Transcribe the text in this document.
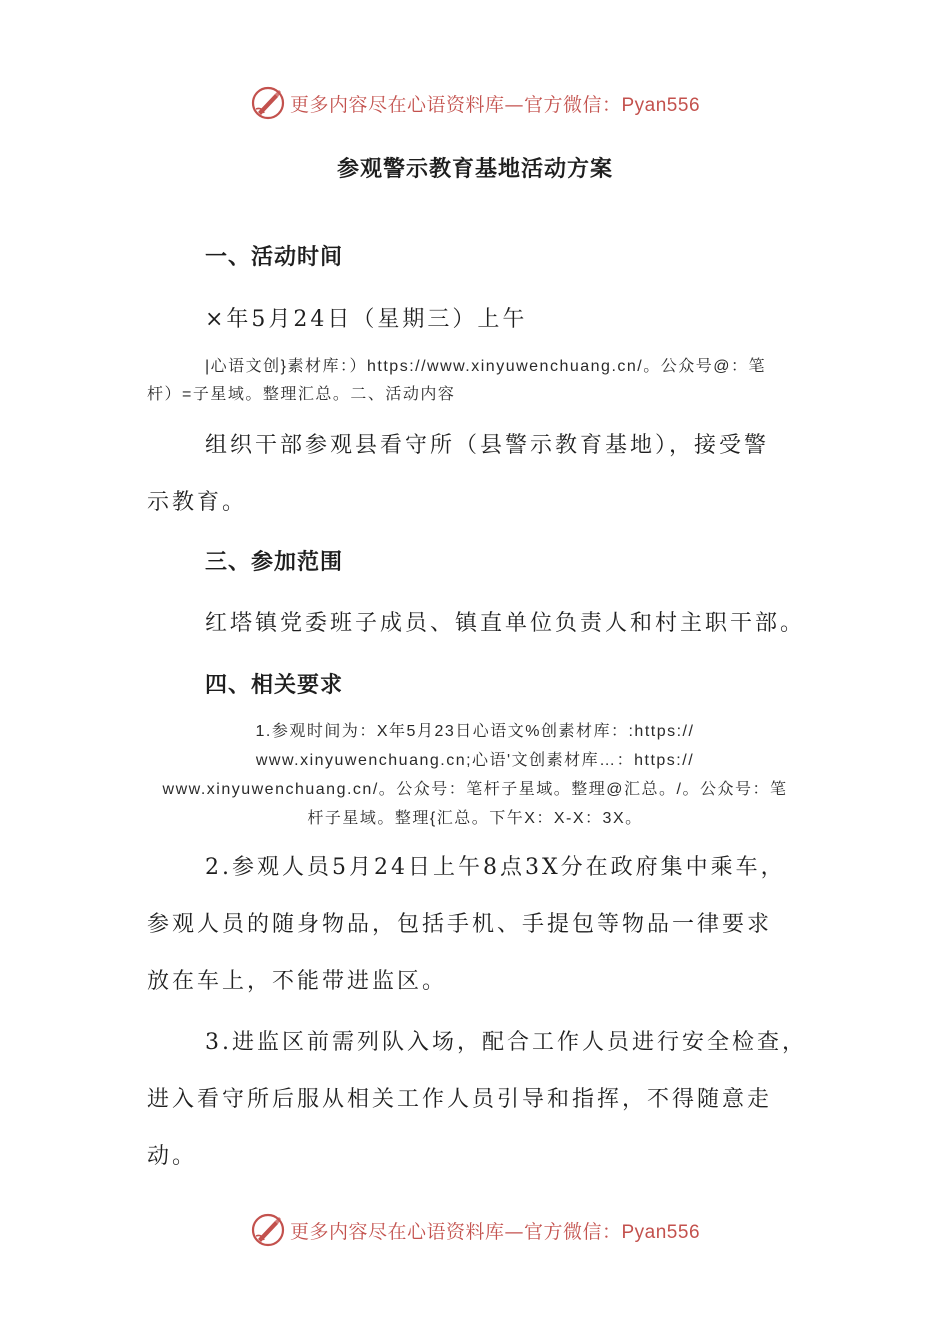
更多内容尽在心语资料库—官方微信：Pyan556
参观警示教育基地活动方案
一、活动时间

×年5月24日（星期三）上午

|心语文创}素材库：）https://www.xinyuwenchuang.cn/。公众号@：笔

杆）=子星域。整理汇总。二、活动内容

组织干部参观县看守所（县警示教育基地），接受警

示教育。

三、参加范围

红塔镇党委班子成员、镇直单位负责人和村主职干部。

四、相关要求

1.参观时间为：X年5月23日心语文%创素材库：:https://

www.xinyuwenchuang.cn;心语'文创素材库…：https://

www.xinyuwenchuang.cn/。公众号：笔杆子星域。整理@汇总。/。公众号：笔

杆子星域。整理{汇总。下午X：X-X：3X。

2.参观人员5月24日上午8点3X分在政府集中乘车，

参观人员的随身物品，包括手机、手提包等物品一律要求

放在车上，不能带进监区。

3.进监区前需列队入场，配合工作人员进行安全检查，

进入看守所后服从相关工作人员引导和指挥，不得随意走

动。

更多内容尽在心语资料库—官方微信：Pyan556
